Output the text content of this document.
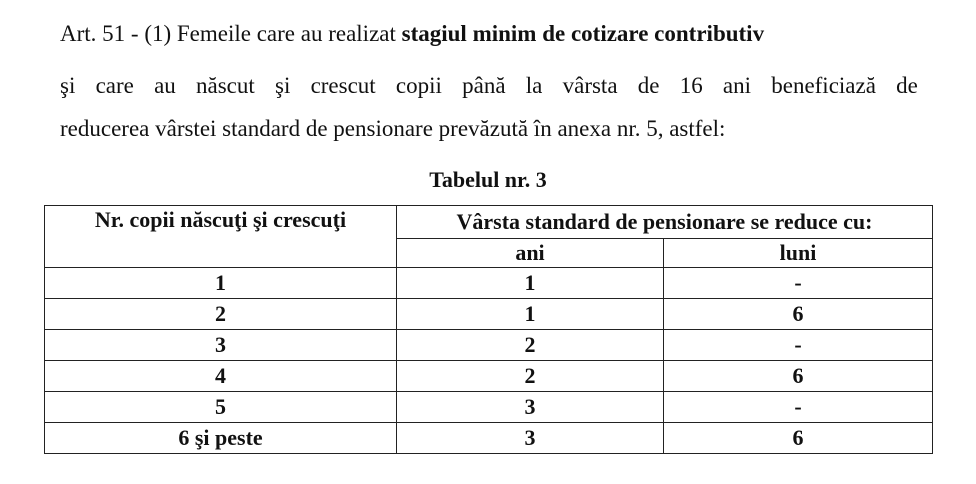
Art. 51 - (1) Femeile care au realizat stagiul minim de cotizare contributiv
şi care au născut şi crescut copii până la vârsta de 16 ani beneficiază de
reducerea vârstei standard de pensionare prevăzută în anexa nr. 5, astfel:
Tabelul nr. 3
Nr. copii născuţi şi crescuţi	Vârsta standard de pensionare se reduce cu:	
	ani	luni
1	1	-
2	1	6
3	2	-
4	2	6
5	3	-
6 şi peste	3	6
